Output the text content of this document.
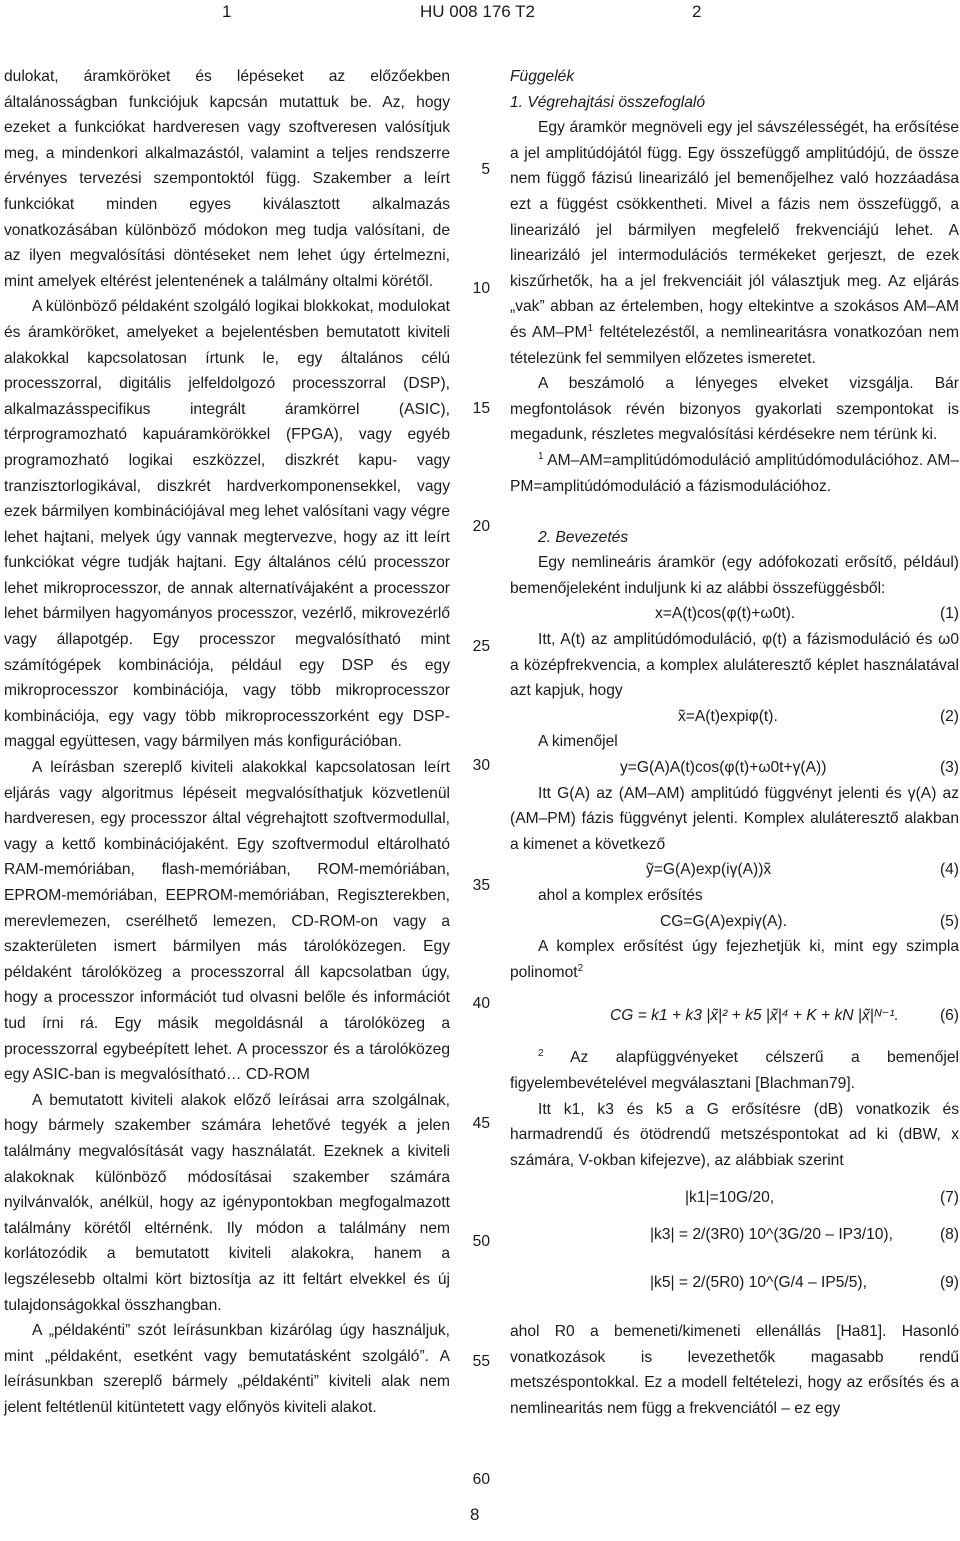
1	HU 008 176 T2	2

dulokat, áramköröket és lépéseket az előzőekben általánosságban funkciójuk kapcsán mutattuk be. Az, hogy ezeket a funkciókat hardveresen vagy szoftveresen valósítjuk meg, a mindenkori alkalmazástól, valamint a teljes rendszerre érvényes tervezési szempontoktól függ. Szakember a leírt funkciókat minden egyes kiválasztott alkalmazás vonatkozásában különböző módokon meg tudja valósítani, de az ilyen megvalósítási döntéseket nem lehet úgy értelmezni, mint amelyek eltérést jelentenének a találmány oltalmi körétől.

A különböző példaként szolgáló logikai blokkokat, modulokat és áramköröket, amelyeket a bejelentésben bemutatott kiviteli alakokkal kapcsolatosan írtunk le, egy általános célú processzorral, digitális jelfeldolgozó processzorral (DSP), alkalmazásspecifikus integrált áramkörrel (ASIC), térprogramozható kapuáramkörökkel (FPGA), vagy egyéb programozható logikai eszközzel, diszkrét kapu- vagy tranzisztorlogikával, diszkrét hardverkomponensekkel, vagy ezek bármilyen kombinációjával meg lehet valósítani vagy végre lehet hajtani, melyek úgy vannak megtervezve, hogy az itt leírt funkciókat végre tudják hajtani. Egy általános célú processzor lehet mikroprocesszor, de annak alternatívájaként a processzor lehet bármilyen hagyományos processzor, vezérlő, mikrovezérlő vagy állapotgép. Egy processzor megvalósítható mint számítógépek kombinációja, például egy DSP és egy mikroprocesszor kombinációja, vagy több mikroprocesszor kombinációja, egy vagy több mikroprocesszorként egy DSP-maggal együttesen, vagy bármilyen más konfigurációban.

A leírásban szereplő kiviteli alakokkal kapcsolatosan leírt eljárás vagy algoritmus lépéseit megvalósíthatjuk közvetlenül hardveresen, egy processzor által végrehajtott szoftvermodullal, vagy a kettő kombinációjaként. Egy szoftvermodul eltárolható RAM-memóriában, flash-memóriában, ROM-memóriában, EPROM-memóriában, EEPROM-memóriában, Regiszterekben, merevlemezen, cserélhető lemezen, CD-ROM-on vagy a szakterületen ismert bármilyen más tárolóközegen. Egy példaként tárolóközeg a processzorral áll kapcsolatban úgy, hogy a processzor információt tud olvasni belőle és információt tud írni rá. Egy másik megoldásnál a tárolóközeg a processzorral egybeépített lehet. A processzor és a tárolóközeg egy ASIC-ban is megvalósítható… CD-ROM

A bemutatott kiviteli alakok előző leírásai arra szolgálnak, hogy bármely szakember számára lehetővé tegyék a jelen találmány megvalósítását vagy használatát. Ezeknek a kiviteli alakoknak különböző módosításai szakember számára nyilvánvalók, anélkül, hogy az igénypontokban megfogalmazott találmány körétől eltérnénk. Ily módon a találmány nem korlátozódik a bemutatott kiviteli alakokra, hanem a legszélesebb oltalmi kört biztosítja az itt feltárt elvekkel és új tulajdonságokkal összhangban.

A „példakénti” szót leírásunkban kizárólag úgy használjuk, mint „példaként, esetként vagy bemutatásként szolgáló”. A leírásunkban szereplő bármely „példakénti” kiviteli alak nem jelent feltétlenül kitüntetett vagy előnyös kiviteli alakot.

5
10
15
20
25
30
35
40
45
50
55
60

Függelék

1. Végrehajtási összefoglaló

Egy áramkör megnöveli egy jel sávszélességét, ha erősítése a jel amplitúdójától függ. Egy összefüggő amplitúdójú, de össze nem függő fázisú linearizáló jel bemenőjelhez való hozzáadása ezt a függést csökkentheti. Mivel a fázis nem összefüggő, a linearizáló jel bármilyen megfelelő frekvenciájú lehet. A linearizáló jel intermodulációs termékeket gerjeszt, de ezek kiszűrhetők, ha a jel frekvenciáit jól választjuk meg. Az eljárás „vak” abban az értelemben, hogy eltekintve a szokásos AM–AM és $AM-PM^1$ feltételezéstől, a nemlinearitásra vonatkozóan nem tételezünk fel semmilyen előzetes ismeretet.

A beszámoló a lényeges elveket vizsgálja. Bár megfontolások révén bizonyos gyakorlati szempontokat is megadunk, részletes megvalósítási kérdésekre nem térünk ki.

$^1$ AM–AM=amplitúdómoduláció amplitúdómodulációhoz. AM–PM=amplitúdómoduláció a fázismodulációhoz.

2. Bevezetés

Egy nemlineáris áramkör (egy adófokozati erősítő, például) bemenőjeleként induljunk ki az alábbi összefüggésből:

x=A(t)cos(φ(t)+ω0t).	(1)

Itt, A(t) az amplitúdómoduláció, φ(t) a fázismoduláció és ω0 a középfrekvencia, a komplex aluláteresztő képlet használatával azt kapjuk, hogy

x̃=A(t)expiφ(t).	(2)

A kimenőjel

y=G(A)A(t)cos(φ(t)+ω0t+γ(A))	(3)

Itt G(A) az (AM–AM) amplitúdó függvényt jelenti és γ(A) az (AM–PM) fázis függvényt jelenti. Komplex aluláteresztő alakban a kimenet a következő

ỹ=G(A)exp(iγ(A))x̃	(4)

ahol a komplex erősítés

CG=G(A)expiγ(A).	(5)

A komplex erősítést úgy fejezhetjük ki, mint egy szimpla polinomot$^2$

CG = k1 + k3 |x̃|² + k5 |x̃|⁴ + K + kN |x̃|ᴺ⁻¹.	(6)

$^2$ Az alapfüggvényeket célszerű a bemenőjel figyelembevételével megválasztani [Blachman79].

Itt k1, k3 és k5 a G erősítésre (dB) vonatkozik és harmadrendű és ötödrendű metszéspontokat ad ki (dBW, x számára, V-okban kifejezve), az alábbiak szerint

|k1|=10G/20,	(7)
|k3| = 2/(3R0) 10^(3G/20 – IP3/10),	(8)
|k5| = 2/(5R0) 10^(G/4 – IP5/5),	(9)

ahol R0 a bemeneti/kimeneti ellenállás [Ha81]. Hasonló vonatkozások is levezethetők magasabb rendű metszéspontokkal. Ez a modell feltételezi, hogy az erősítés és a nemlinearitás nem függ a frekvenciától – ez egy

8
